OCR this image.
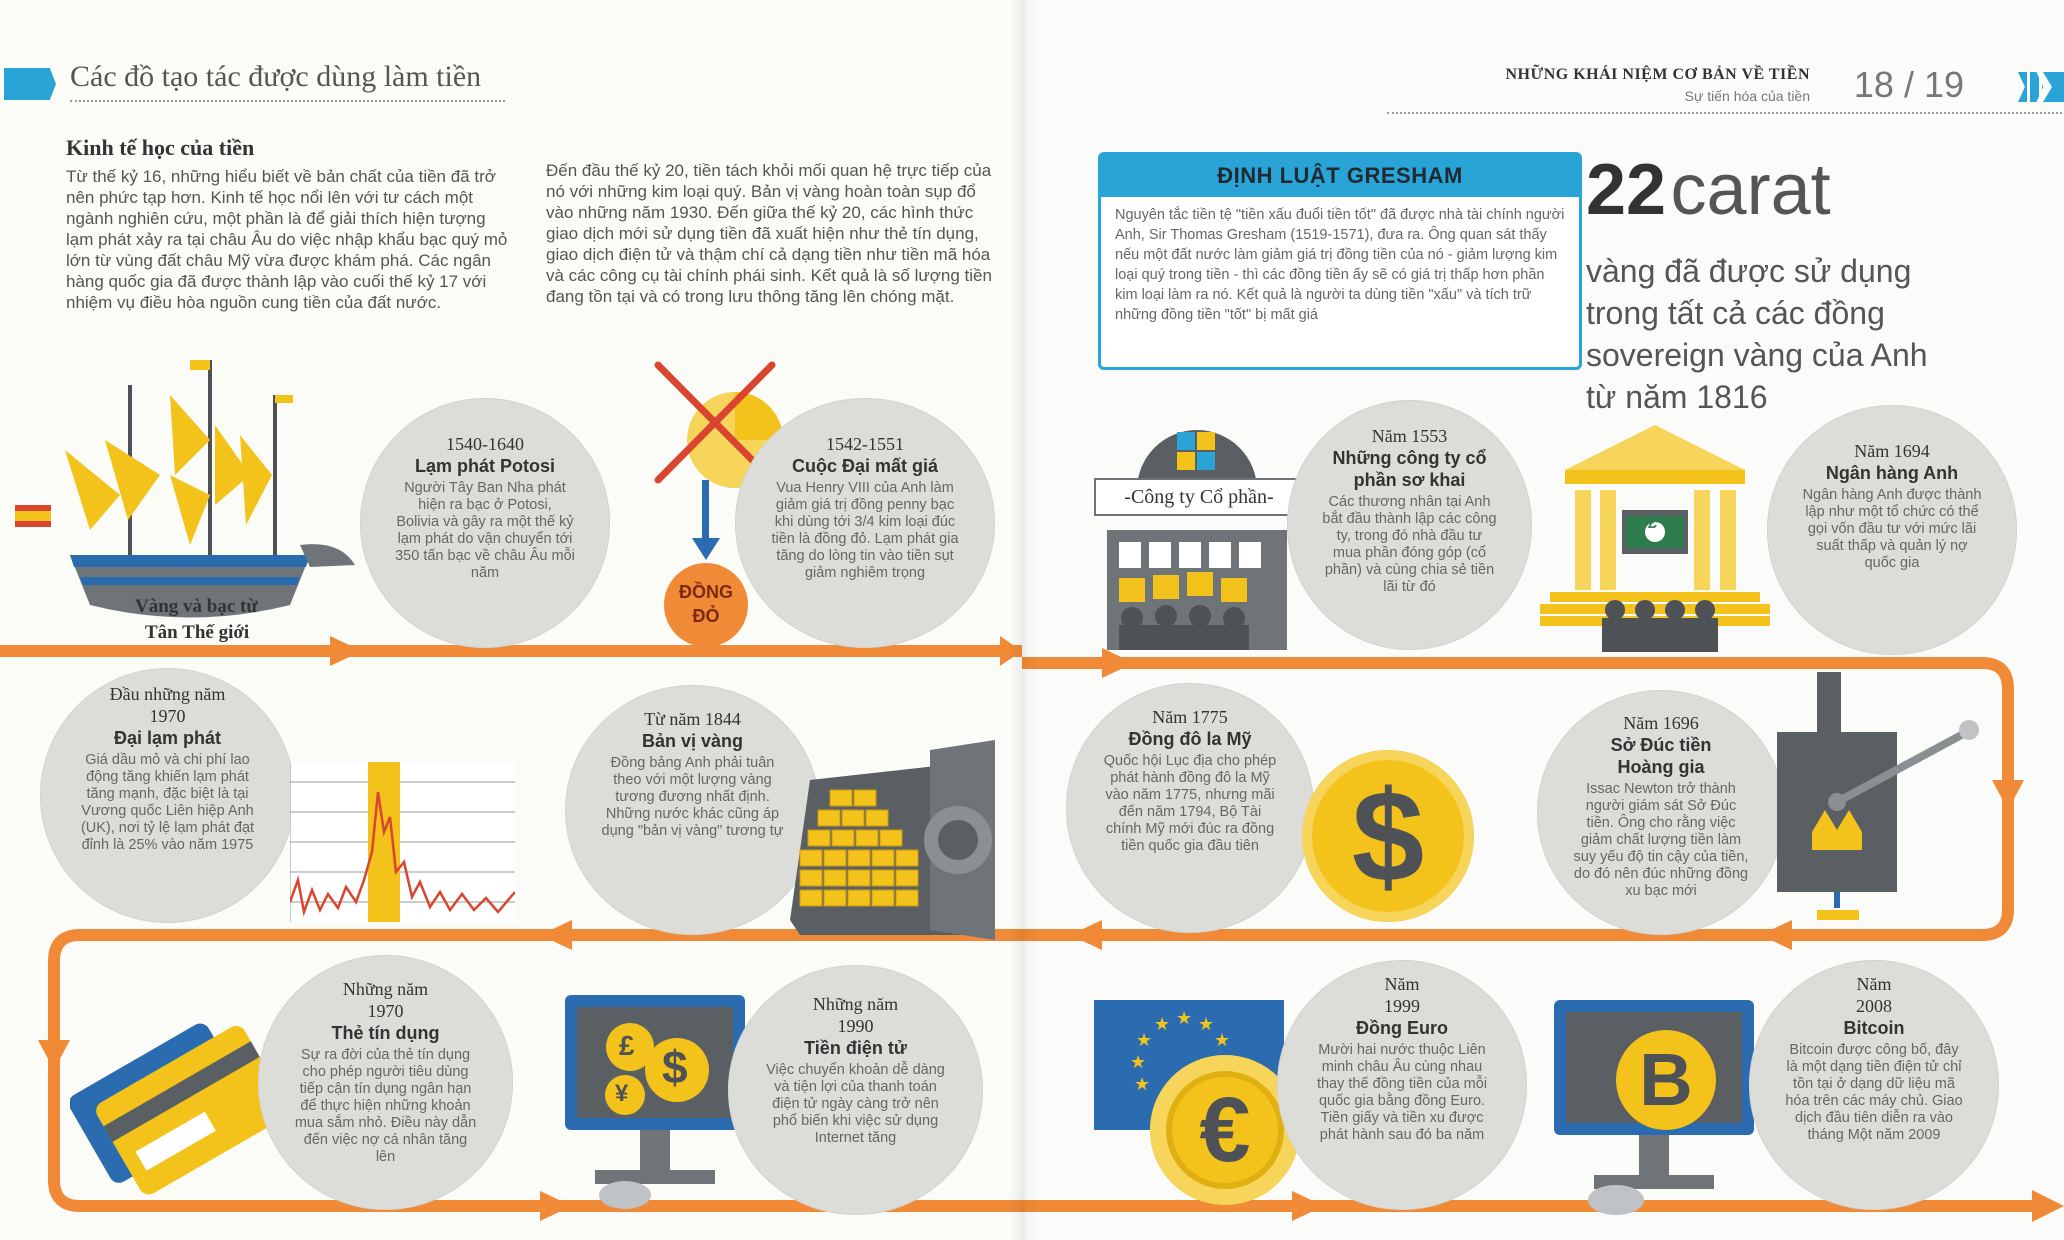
Các đồ tạo tác được dùng làm tiền
Kinh tế học của tiền
Từ thế kỷ 16, những hiểu biết về bản chất của tiền đã trở nên phức tạp hơn. Kinh tế học nổi lên với tư cách một ngành nghiên cứu, một phần là để giải thích hiện tượng lạm phát xảy ra tại châu Âu do việc nhập khẩu bạc quý mỏ lớn từ vùng đất châu Mỹ vừa được khám phá. Các ngân hàng quốc gia đã được thành lập vào cuối thế kỷ 17 với nhiệm vụ điều hòa nguồn cung tiền của đất nước.
Đến đầu thế kỷ 20, tiền tách khỏi mối quan hệ trực tiếp của nó với những kim loại quý. Bản vị vàng hoàn toàn sụp đổ vào những năm 1930. Đến giữa thế kỷ 20, các hình thức giao dịch mới sử dụng tiền đã xuất hiện như thẻ tín dụng, giao dịch điện tử và thậm chí cả dạng tiền như tiền mã hóa và các công cụ tài chính phái sinh. Kết quả là số lượng tiền đang tồn tại và có trong lưu thông tăng lên chóng mặt.
Vàng và bạc từ
Tân Thế giới
1540-1640
Lạm phát Potosi
Người Tây Ban Nha phát hiện ra bạc ở Potosi, Bolivia và gây ra một thế kỷ lạm phát do vận chuyển tới 350 tấn bạc về châu Âu mỗi năm
ĐỒNG
ĐỎ
1542-1551
Cuộc Đại mất giá
Vua Henry VIII của Anh làm giảm giá trị đồng penny bạc khi dùng tới 3/4 kim loại đúc tiền là đồng đỏ. Lạm phát gia tăng do lòng tin vào tiền sụt giảm nghiêm trọng
Đầu những năm 1970
Đại lạm phát
Giá dầu mỏ và chi phí lao động tăng khiến lạm phát tăng mạnh, đặc biệt là tại Vương quốc Liên hiệp Anh (UK), nơi tỷ lệ lạm phát đạt đỉnh là 25% vào năm 1975
Từ năm 1844
Bản vị vàng
Đồng bảng Anh phải tuân theo với một lượng vàng tương đương nhất định. Những nước khác cũng áp dụng "bản vị vàng" tương tự
Những năm 1970
Thẻ tín dụng
Sự ra đời của thẻ tín dụng cho phép người tiêu dùng tiếp cận tín dụng ngân hạn để thực hiện những khoản mua sắm nhỏ. Điều này dẫn đến việc nợ cá nhân tăng lên
£
¥
$
Những năm 1990
Tiền điện tử
Việc chuyển khoản dễ dàng và tiện lợi của thanh toán điện tử ngày càng trở nên phổ biến khi việc sử dụng Internet tăng
NHỮNG KHÁI NIỆM CƠ BẢN VỀ TIỀN
Sự tiến hóa của tiền 18 / 19
ĐỊNH LUẬT GRESHAM
Nguyên tắc tiền tệ "tiền xấu đuổi tiền tốt" đã được nhà tài chính người Anh, Sir Thomas Gresham (1519-1571), đưa ra. Ông quan sát thấy nếu một đất nước làm giảm giá trị đồng tiền của nó - giảm lượng kim loại quý trong tiền - thì các đồng tiền ấy sẽ có giá trị thấp hơn phần kim loại làm ra nó. Kết quả là người ta dùng tiền "xấu" và tích trữ những đồng tiền "tốt" bị mất giá
22 carat
vàng đã được sử dụng
trong tất cả các đồng
sovereign vàng của Anh
từ năm 1816
-Công ty Cổ phần-
Năm 1553
Những công ty cổ phần sơ khai
Các thương nhân tại Anh bắt đầu thành lập các công ty, trong đó nhà đầu tư mua phần đóng góp (cổ phần) và cùng chia sẻ tiền lãi từ đó
£
Năm 1694
Ngân hàng Anh
Ngân hàng Anh được thành lập như một tổ chức có thể gọi vốn đầu tư với mức lãi suất thấp và quản lý nợ quốc gia
Năm 1775
Đồng đô la Mỹ
Quốc hội Lục địa cho phép phát hành đồng đô la Mỹ vào năm 1775, nhưng mãi đến năm 1794, Bộ Tài chính Mỹ mới đúc ra đồng tiền quốc gia đầu tiên $
Năm 1696
Sở Đúc tiền Hoàng gia
Issac Newton trở thành người giám sát Sở Đúc tiền. Ông cho rằng việc giảm chất lượng tiền làm suy yếu độ tin cậy của tiền, do đó nên đúc những đồng xu bạc mới
★ ★ ★
★
★
★
★ €
Năm 1999
Đồng Euro
Mười hai nước thuộc Liên minh châu Âu cùng nhau thay thế đồng tiền của mỗi quốc gia bằng đồng Euro. Tiền giấy và tiền xu được phát hành sau đó ba năm
B
Năm 2008
Bitcoin
Bitcoin được công bố, đây là một dạng tiền điện tử chỉ tồn tại ở dạng dữ liệu mã hóa trên các máy chủ. Giao dịch đầu tiên diễn ra vào tháng Một năm 2009
